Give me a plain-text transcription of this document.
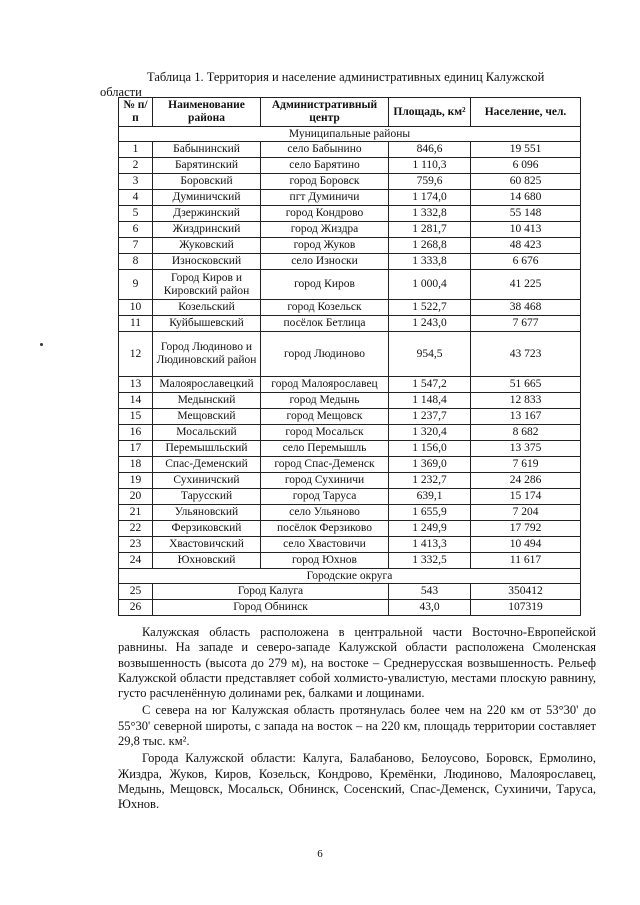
Таблица 1. Территория и население административных единиц Калужской области
№ п/п	Наименование района	Административный центр	Площадь, км²	Население, чел.
Муниципальные районы				
1	Бабынинский	село Бабынино	846,6	19 551
2	Барятинский	село Барятино	1 110,3	6 096
3	Боровский	город Боровск	759,6	60 825
4	Думиничский	пгт Думиничи	1 174,0	14 680
5	Дзержинский	город Кондрово	1 332,8	55 148
6	Жиздринский	город Жиздра	1 281,7	10 413
7	Жуковский	город Жуков	1 268,8	48 423
8	Износковский	село Износки	1 333,8	6 676
9	Город Киров и Кировский район	город Киров	1 000,4	41 225
10	Козельский	город Козельск	1 522,7	38 468
11	Куйбышевский	посёлок Бетлица	1 243,0	7 677
12	Город Людиново и Людиновский район	город Людиново	954,5	43 723
13	Малоярославецкий	город Малоярославец	1 547,2	51 665
14	Медынский	город Медынь	1 148,4	12 833
15	Мещовский	город Мещовск	1 237,7	13 167
16	Мосальский	город Мосальск	1 320,4	8 682
17	Перемышльский	село Перемышль	1 156,0	13 375
18	Спас-Деменский	город Спас-Деменск	1 369,0	7 619
19	Сухиничский	город Сухиничи	1 232,7	24 286
20	Тарусский	город Таруса	639,1	15 174
21	Ульяновский	село Ульяново	1 655,9	7 204
22	Ферзиковский	посёлок Ферзиково	1 249,9	17 792
23	Хвастовичский	село Хвастовичи	1 413,3	10 494
24	Юхновский	город Юхнов	1 332,5	11 617
Городские округа				
25	Город Калуга		543	350412
26	Город Обнинск		43,0	107319

Калужская область расположена в центральной части Восточно-Европейской равнины. На западе и северо-западе Калужской области расположена Смоленская возвышенность (высота до 279 м), на востоке – Среднерусская возвышенность. Рельеф Калужской области представляет собой холмисто-увалистую, местами плоскую равнину, густо расчленённую долинами рек, балками и лощинами.

С севера на юг Калужская область протянулась более чем на 220 км от 53°30' до 55°30' северной широты, с запада на восток – на 220 км, площадь территории составляет 29,8 тыс. км².

Города Калужской области: Калуга, Балабаново, Белоусово, Боровск, Ермолино, Жиздра, Жуков, Киров, Козельск, Кондрово, Кремёнки, Людиново, Малоярославец, Медынь, Мещовск, Мосальск, Обнинск, Сосенский, Спас-Деменск, Сухиничи, Таруса, Юхнов.

6
